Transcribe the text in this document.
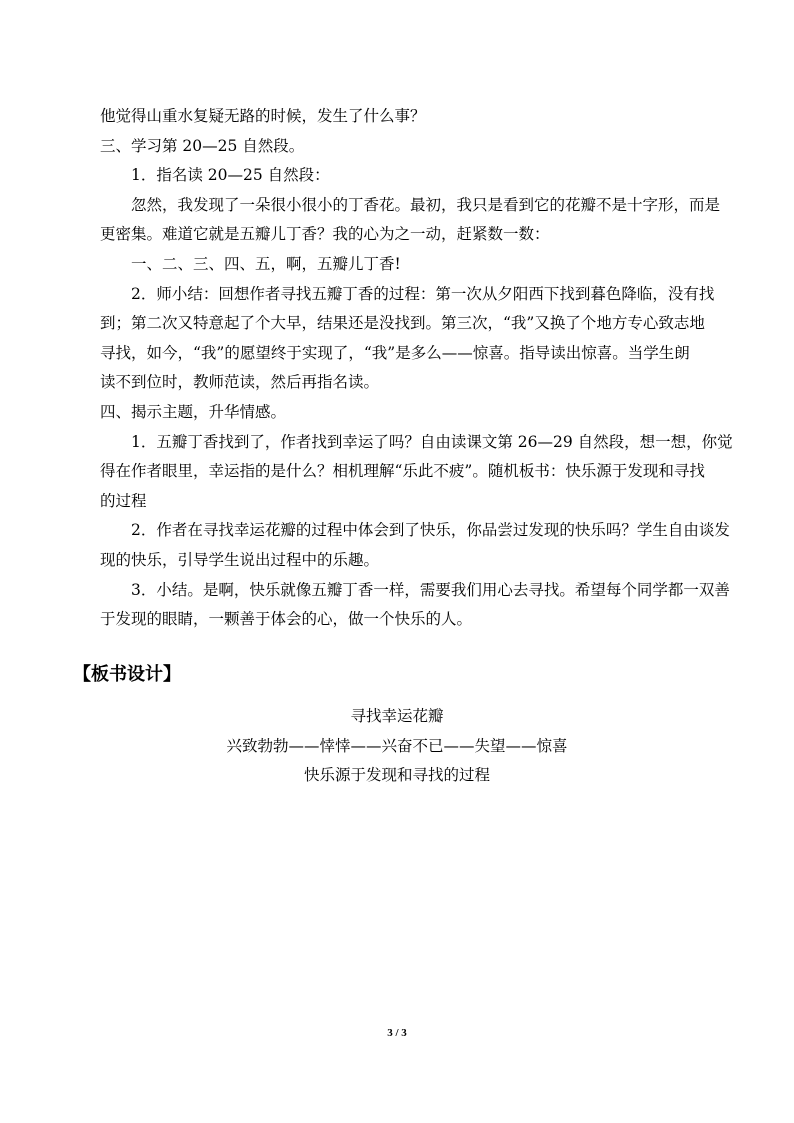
他觉得山重水复疑无路的时候，发生了什么事？
三、学习第 20—25 自然段。
1．指名读 20—25 自然段：
忽然，我发现了一朵很小很小的丁香花。最初，我只是看到它的花瓣不是十字形，而是
更密集。难道它就是五瓣儿丁香？我的心为之一动，赶紧数一数：
一、二、三、四、五，啊，五瓣儿丁香!
2．师小结：回想作者寻找五瓣丁香的过程：第一次从夕阳西下找到暮色降临，没有找
到；第二次又特意起了个大早，结果还是没找到。第三次，“我”又换了个地方专心致志地
寻找，如今，“我”的愿望终于实现了，“我”是多么——惊喜。指导读出惊喜。当学生朗
读不到位时，教师范读，然后再指名读。
四、揭示主题，升华情感。
1．五瓣丁香找到了，作者找到幸运了吗？自由读课文第 26—29 自然段，想一想，你觉
得在作者眼里，幸运指的是什么？相机理解“乐此不疲”。随机板书：快乐源于发现和寻找
的过程
2．作者在寻找幸运花瓣的过程中体会到了快乐，你品尝过发现的快乐吗？学生自由谈发
现的快乐，引导学生说出过程中的乐趣。
3．小结。是啊，快乐就像五瓣丁香一样，需要我们用心去寻找。希望每个同学都一双善
于发现的眼睛，一颗善于体会的心，做一个快乐的人。
【板书设计】
寻找幸运花瓣
兴致勃勃——悻悻——兴奋不已——失望——惊喜
快乐源于发现和寻找的过程
3 / 3
